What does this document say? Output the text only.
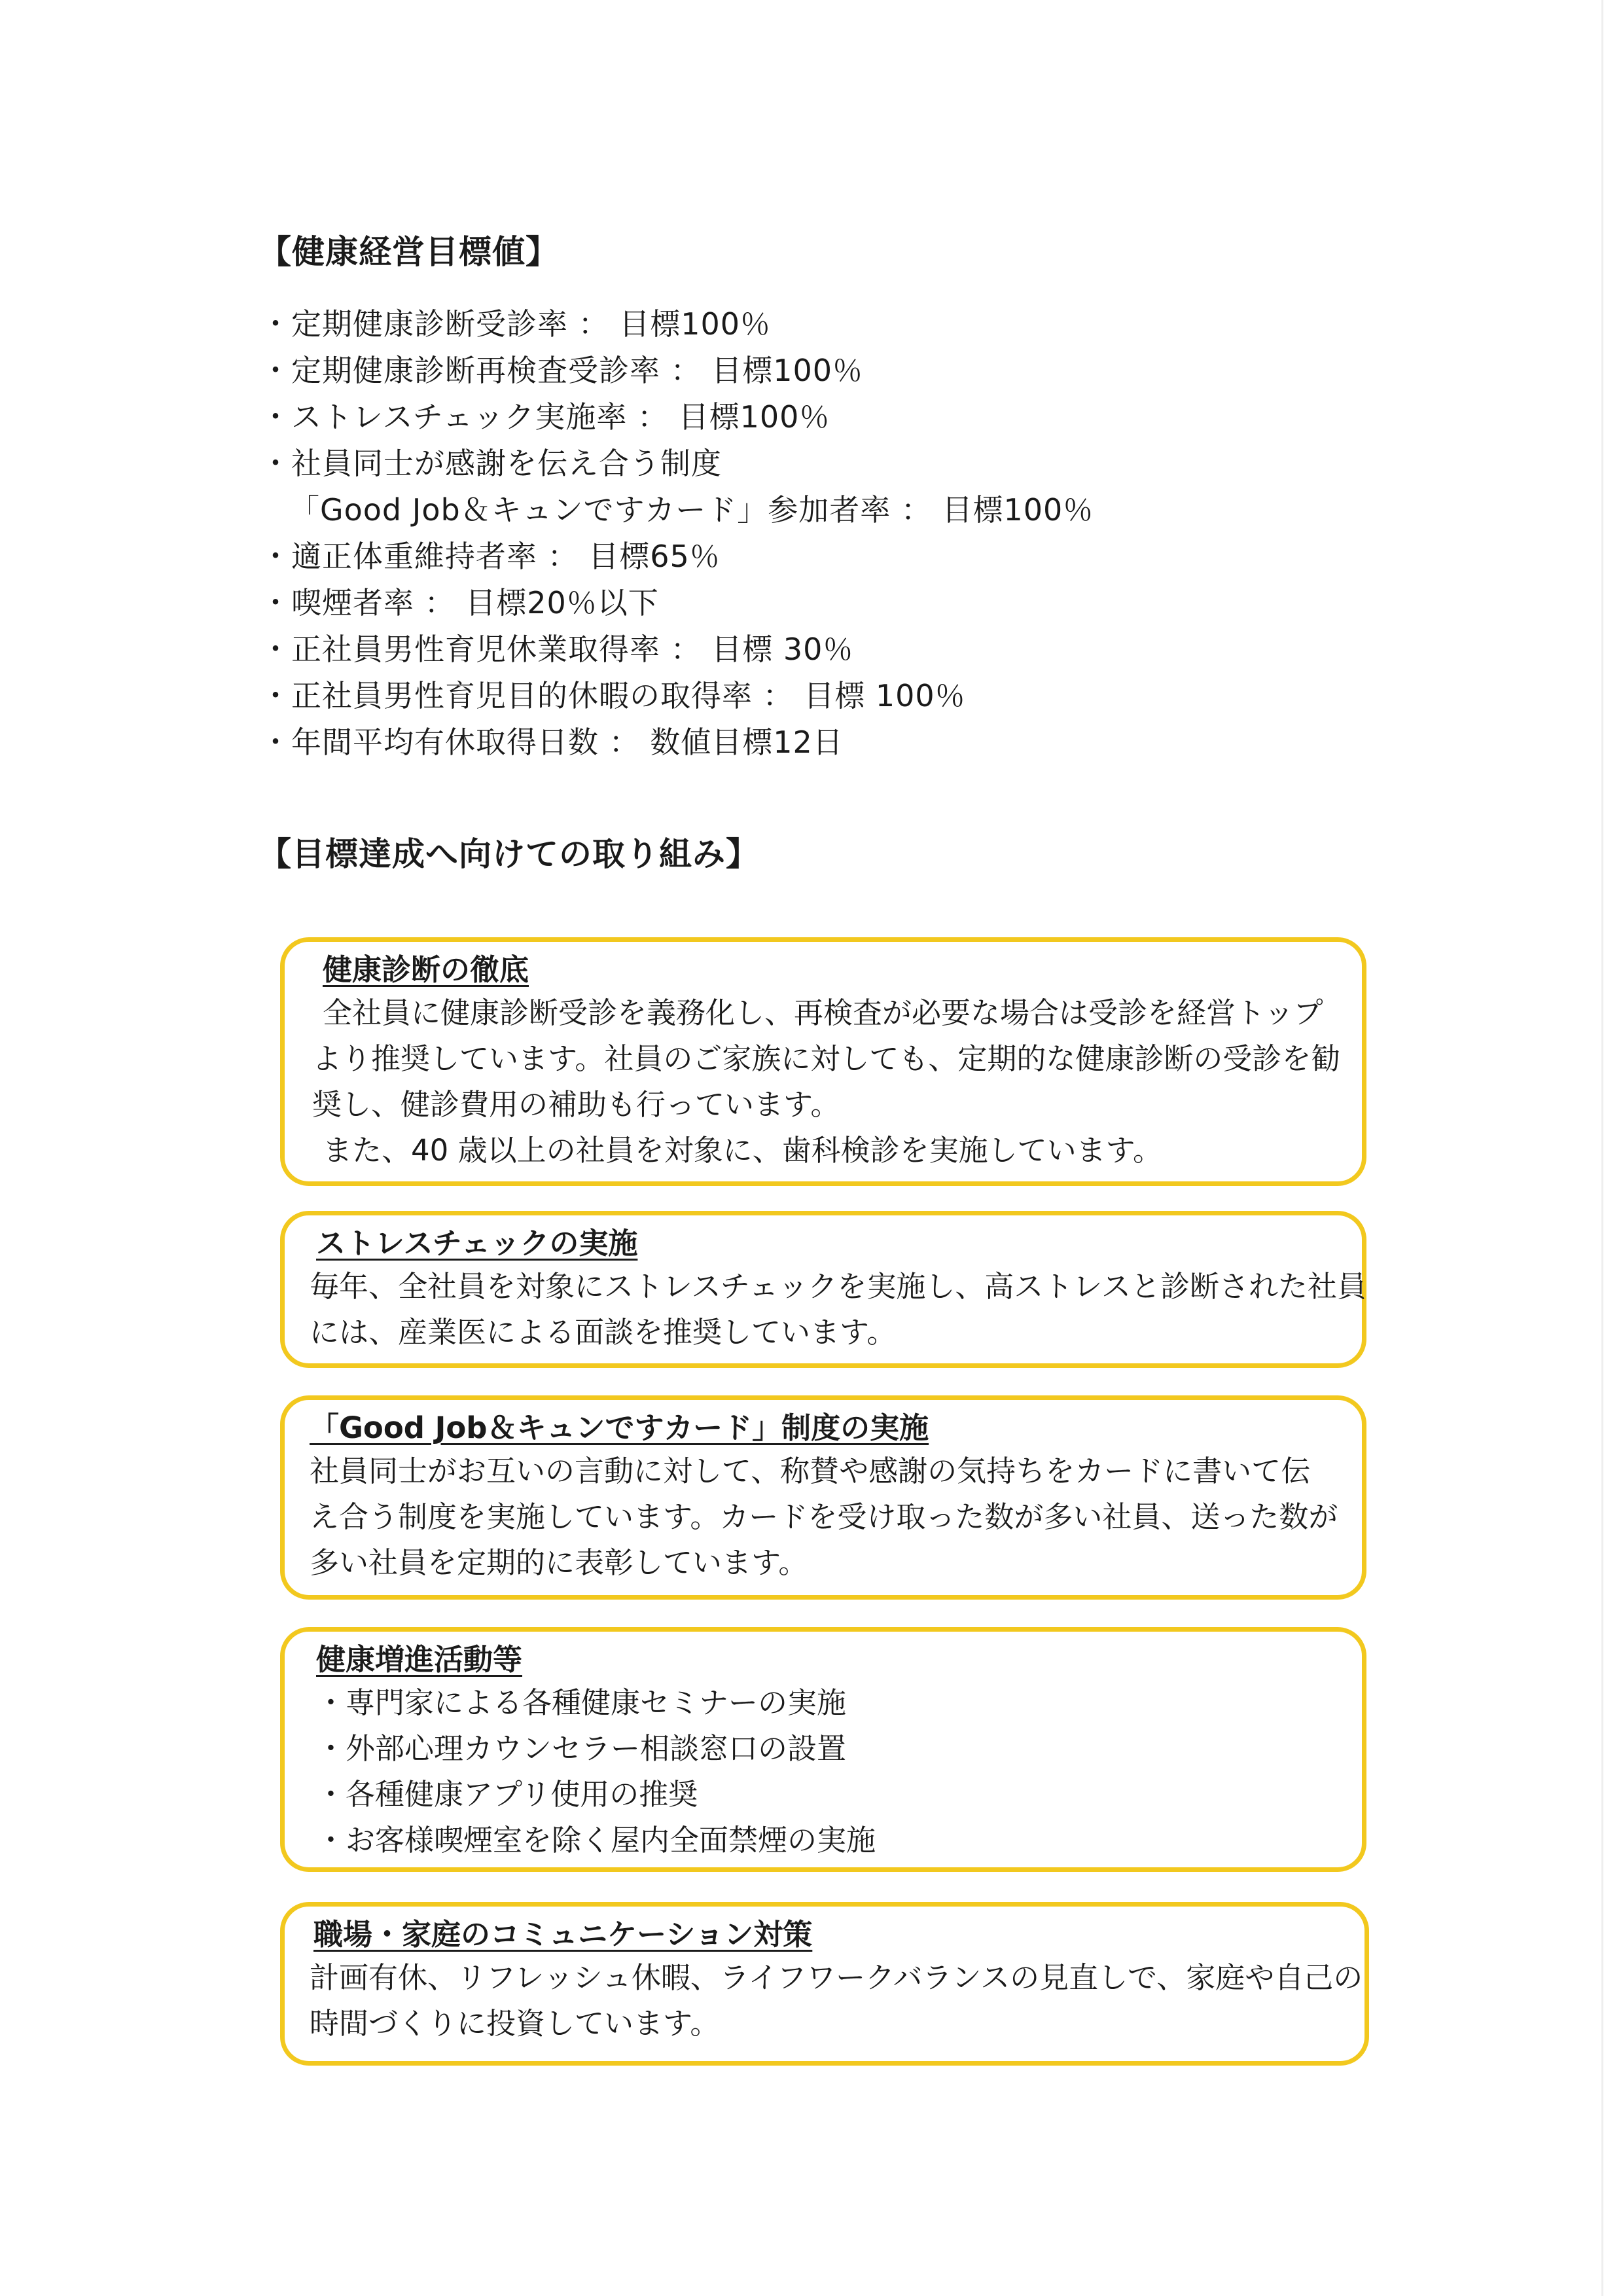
【健康経営目標値】
・定期健康診断受診率 ： 目標100％
・定期健康診断再検査受診率 ： 目標100％
・ストレスチェック実施率 ： 目標100％
・社員同士が感謝を伝え合う制度
「Good Job＆キュンですカード」参加者率 ： 目標100％
・適正体重維持者率 ： 目標65％
・喫煙者率 ： 目標20％以下
・正社員男性育児休業取得率 ： 目標 30％
・正社員男性育児目的休暇の取得率 ： 目標 100％
・年間平均有休取得日数 ： 数値目標12日
【目標達成へ向けての取り組み】

健康診断の徹底

全社員に健康診断受診を義務化し、再検査が必要な場合は受診を経営トップ

より推奨しています。社員のご家族に対しても、定期的な健康診断の受診を勧

奨し、健診費用の補助も行っています。

また、40 歳以上の社員を対象に、歯科検診を実施しています。

ストレスチェックの実施

毎年、全社員を対象にストレスチェックを実施し、高ストレスと診断された社員

には、産業医による面談を推奨しています。

「Good Job＆キュンですカード」制度の実施

社員同士がお互いの言動に対して、称賛や感謝の気持ちをカードに書いて伝

え合う制度を実施しています。カードを受け取った数が多い社員、送った数が

多い社員を定期的に表彰しています。

健康増進活動等

・専門家による各種健康セミナーの実施

・外部心理カウンセラー相談窓口の設置

・各種健康アプリ使用の推奨

・お客様喫煙室を除く屋内全面禁煙の実施

職場・家庭のコミュニケーション対策

計画有休、リフレッシュ休暇、ライフワークバランスの見直しで、家庭や自己の

時間づくりに投資しています。
